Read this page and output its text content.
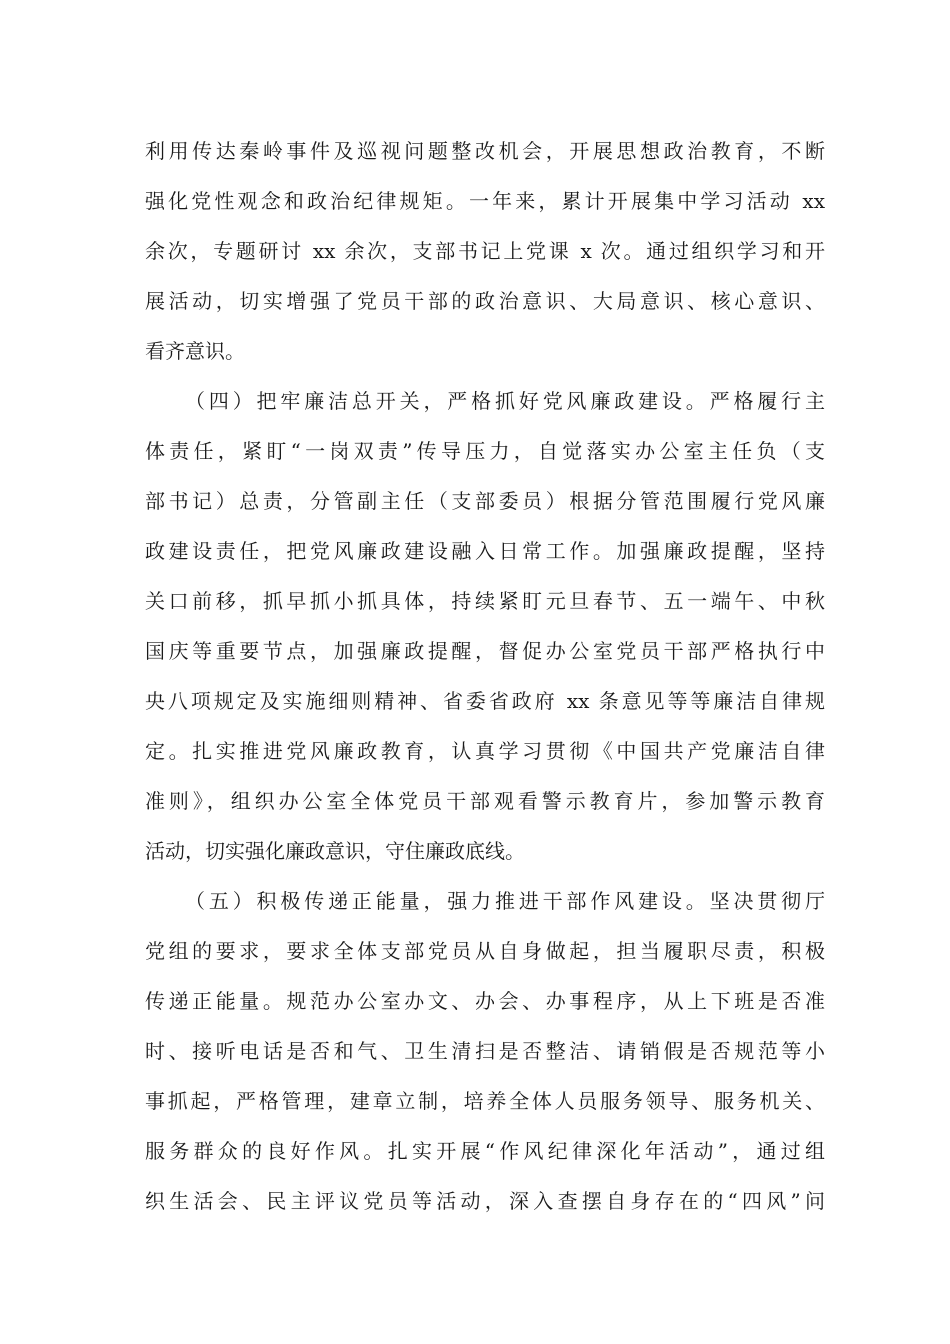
利用传达秦岭事件及巡视问题整改机会，开展思想政治教育，不断
强化党性观念和政治纪律规矩。一年来，累计开展集中学习活动 xx
余次，专题研讨 xx 余次，支部书记上党课 x 次。通过组织学习和开
展活动，切实增强了党员干部的政治意识、大局意识、核心意识、
看齐意识。
（四）把牢廉洁总开关，严格抓好党风廉政建设。严格履行主
体责任，紧盯“一岗双责”传导压力，自觉落实办公室主任负（支
部书记）总责，分管副主任（支部委员）根据分管范围履行党风廉
政建设责任，把党风廉政建设融入日常工作。加强廉政提醒，坚持
关口前移，抓早抓小抓具体，持续紧盯元旦春节、五一端午、中秋
国庆等重要节点，加强廉政提醒，督促办公室党员干部严格执行中
央八项规定及实施细则精神、省委省政府 xx 条意见等等廉洁自律规
定。扎实推进党风廉政教育，认真学习贯彻《中国共产党廉洁自律
准则》，组织办公室全体党员干部观看警示教育片，参加警示教育
活动，切实强化廉政意识，守住廉政底线。
（五）积极传递正能量，强力推进干部作风建设。坚决贯彻厅
党组的要求，要求全体支部党员从自身做起，担当履职尽责，积极
传递正能量。规范办公室办文、办会、办事程序，从上下班是否准
时、接听电话是否和气、卫生清扫是否整洁、请销假是否规范等小
事抓起，严格管理，建章立制，培养全体人员服务领导、服务机关、
服务群众的良好作风。扎实开展“作风纪律深化年活动”，通过组
织生活会、民主评议党员等活动，深入查摆自身存在的“四风”问
